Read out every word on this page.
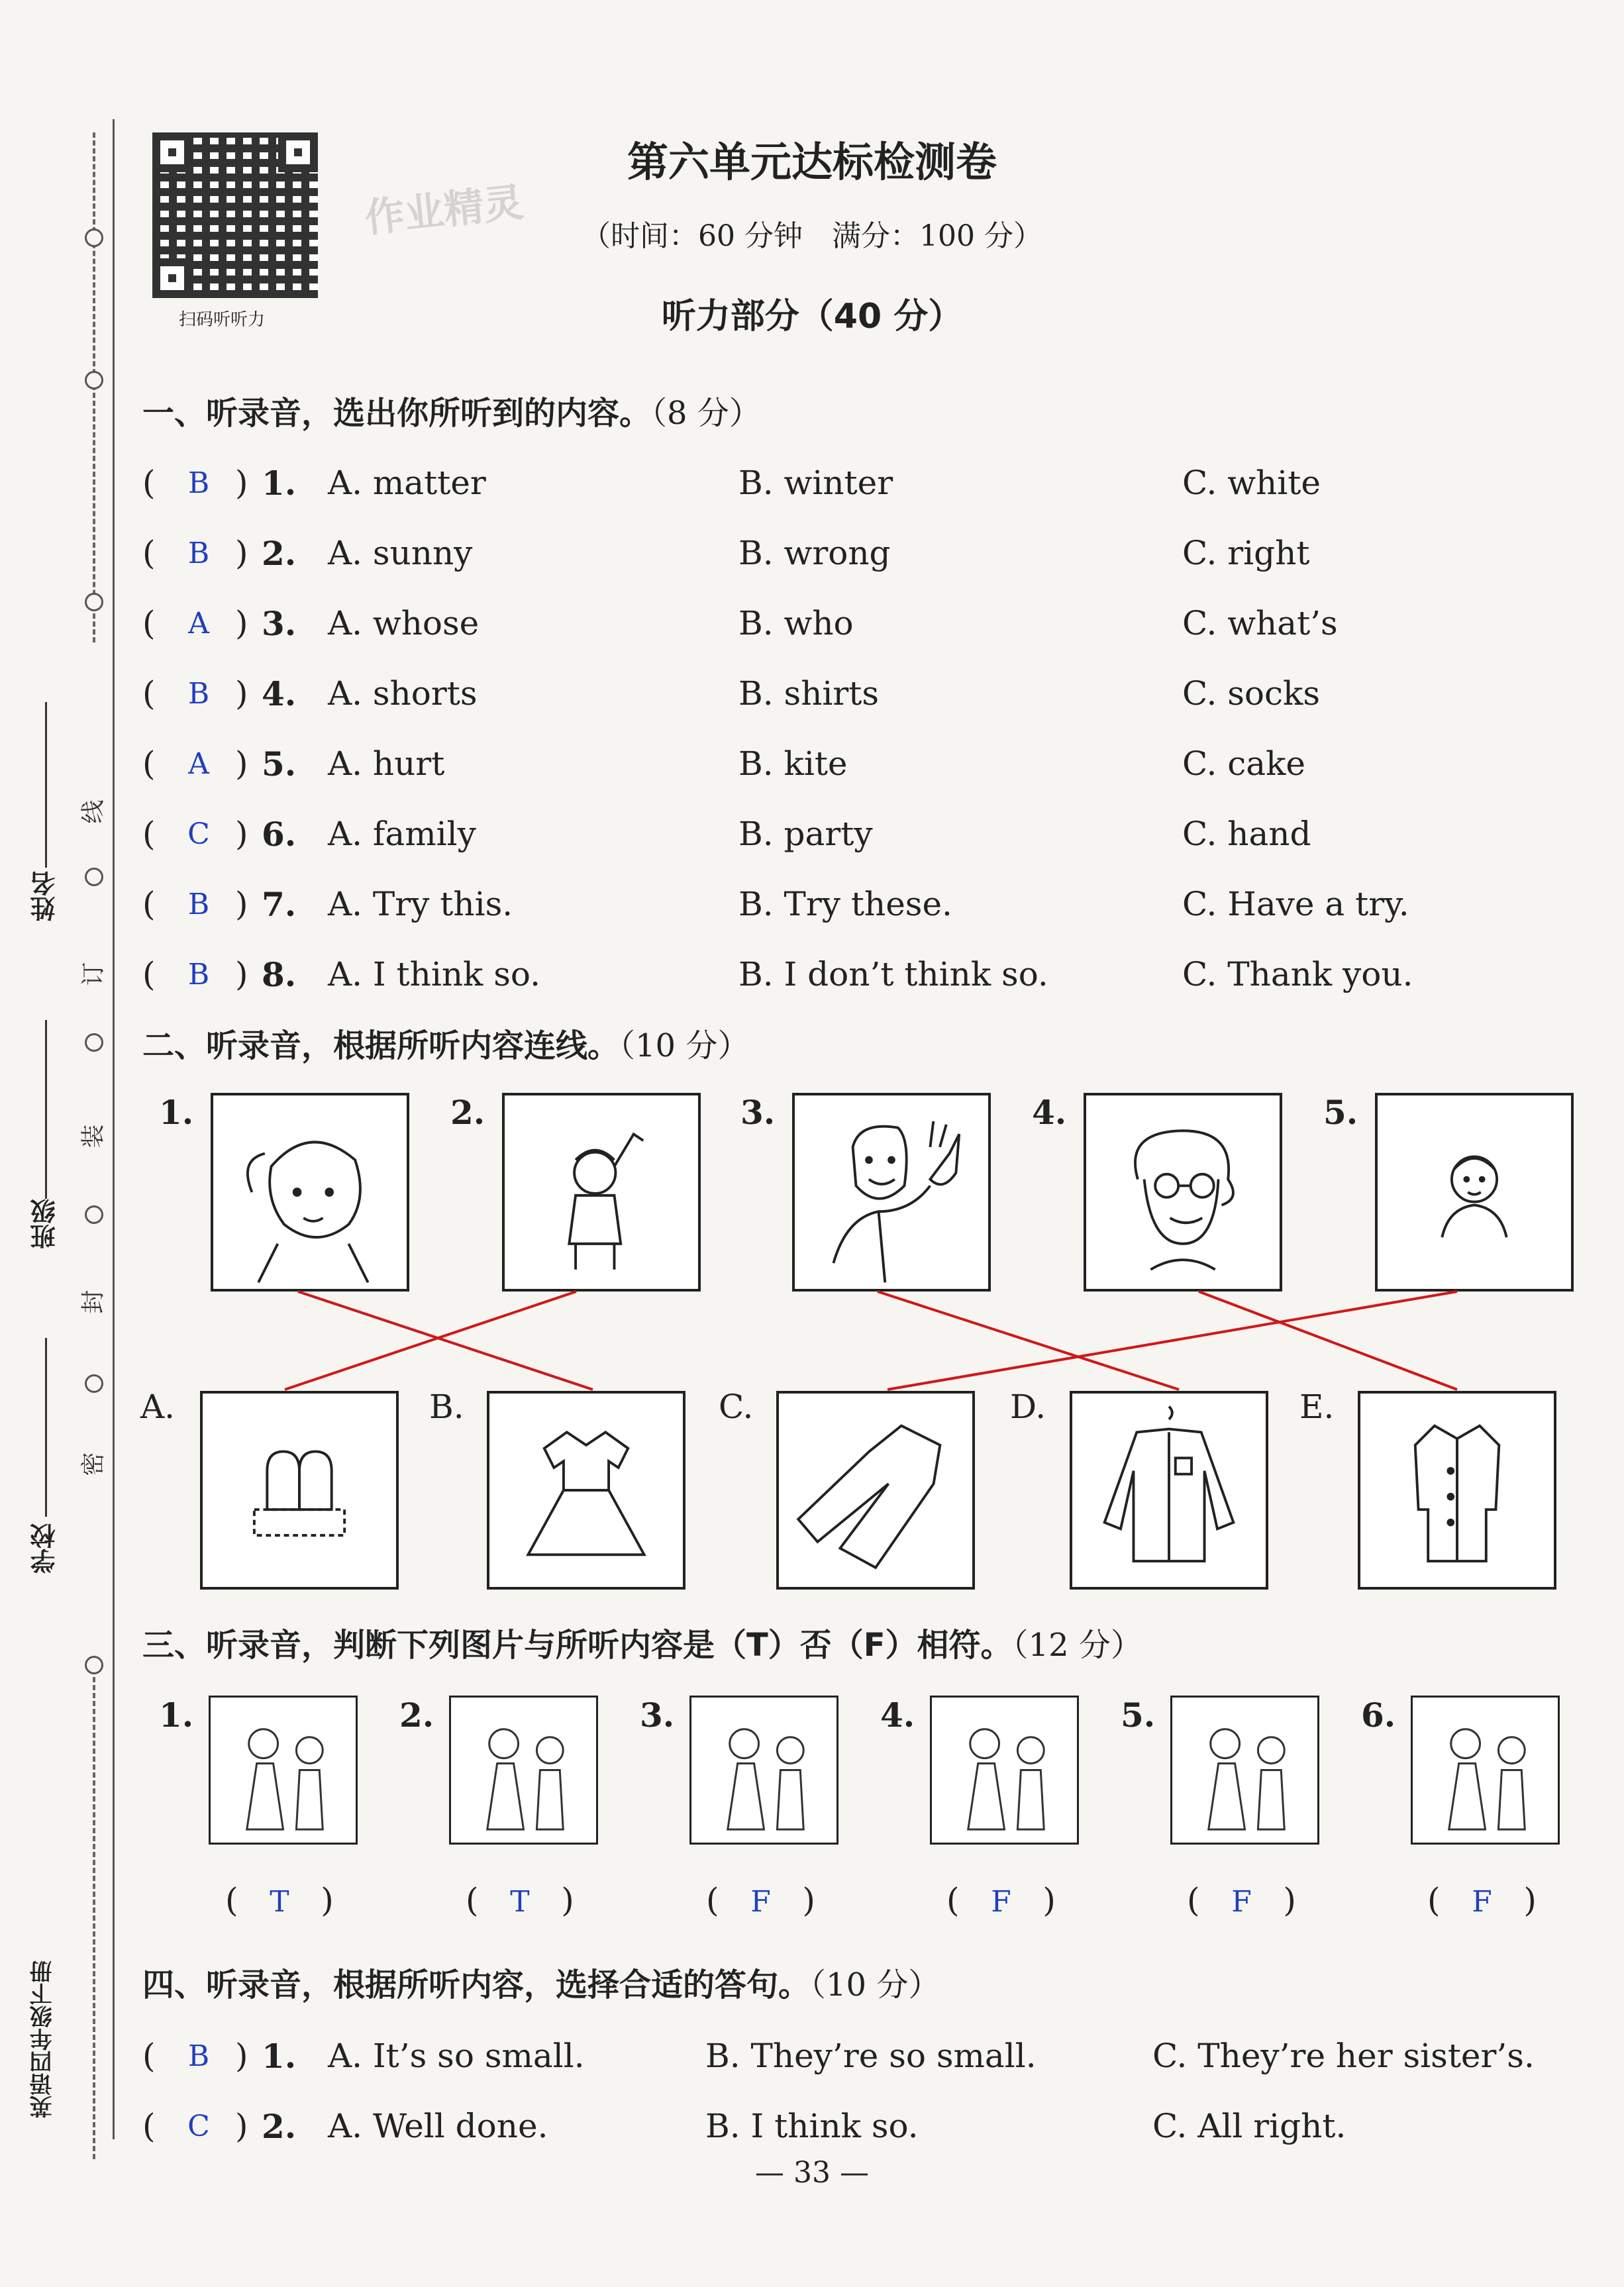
线
订
装
封
密
姓名
班级
学校
英语四年级下册
扫码听听力
作业精灵
第六单元达标检测卷
（时间：60 分钟　满分：100 分）
听力部分（40 分）
一、听录音，选出你所听到的内容。（8 分）
(	B ) 1. A. matter	B. winter	C. white
(	B ) 2. A. sunny	B. wrong	C. right
(	A ) 3. A. whose	B. who	C. what’s
(	B ) 4. A. shorts	B. shirts	C. socks
(	A ) 5. A. hurt	B. kite	C. cake
( C ) 6. A. family	B. party	C. hand
(	B ) 7. A. Try this.	B. Try these.	C. Have a try.
(	B ) 8. A. I think so.	B. I don’t think so.	C. Thank you.
二、听录音，根据所听内容连线。（10 分）
1.	2.	3.	4.	5.
A.	B.	C.	D.	E.
三、听录音，判断下列图片与所听内容是（T）否（F）相符。（12 分）
1.
(   T   )
2.
(   T   )
3.
(   F   )
4.
(   F   )
5.
(   F   )
6.
(   F   )
四、听录音，根据所听内容，选择合适的答句。（10 分）
(	B ) 1. A. It’s so small.	B. They’re so small.	C. They’re her sister’s.
( C ) 2. A. Well done.	B. I think so.	C. All right.
— 33 —
